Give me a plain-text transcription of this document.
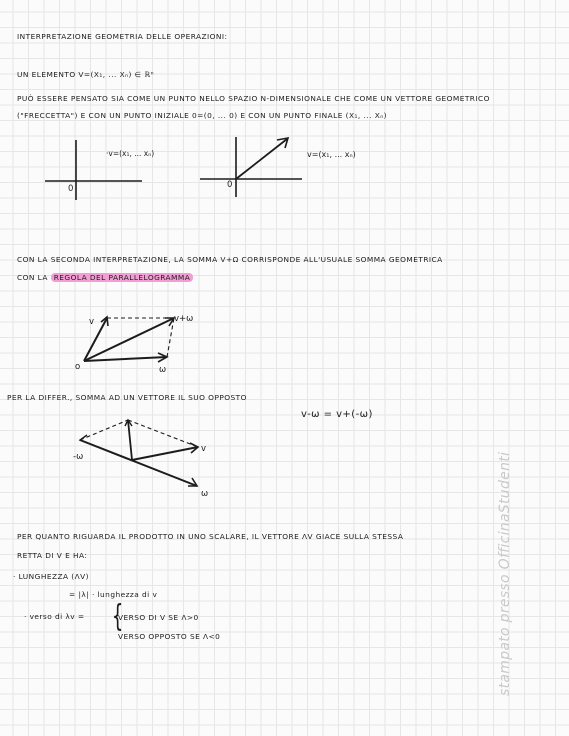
INTERPRETAZIONE GEOMETRIA DELLE OPERAZIONI:

UN ELEMENTO V=(X₁, ... Xₙ) ∈ ℝⁿ

PUÒ ESSERE PENSATO SIA COME UN PUNTO NELLO SPAZIO N-DIMENSIONALE CHE COME UN VETTORE GEOMETRICO

("FRECCETTA") E CON UN PUNTO INIZIALE 0=(0, ... 0) E CON UN PUNTO FINALE (X₁, ... Xₙ)

CON LA SECONDA INTERPRETAZIONE, LA SOMMA V+Ω CORRISPONDE ALL'USUALE SOMMA GEOMETRICA

CON LA REGOLA DEL PARALLELOGRAMMA

PER LA DIFFER., SOMMA AD UN VETTORE IL SUO OPPOSTO

v-ω = v+(-ω)

PER QUANTO RIGUARDA IL PRODOTTO IN UNO SCALARE, IL VETTORE ΛV GIACE SULLA STESSA

RETTA DI V E HA:

· LUNGHEZZA (ΛV)

= |λ| · lunghezza di v

· verso di λv = {

VERSO DI V SE Λ>0

VERSO OPPOSTO SE Λ<0

0
·v=(x₁, ... xₙ)
0
v=(x₁, ... xₙ)
v	v+ω
o	ω
-ω
v
ω	stampato presso OfficinaStudenti
